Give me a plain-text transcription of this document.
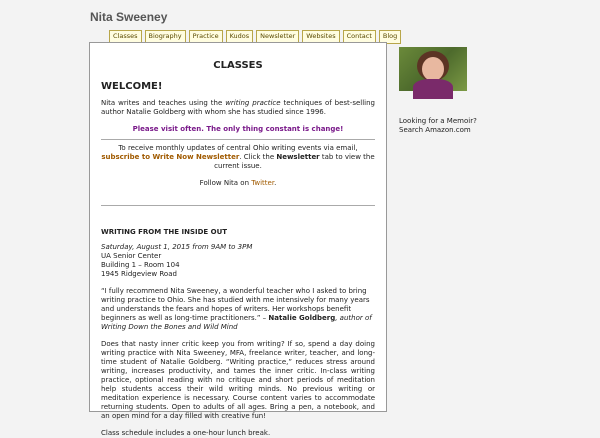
Nita Sweeney
Classes	Biography	Practice	Kudos	Newsletter	Websites	Contact	Blog
CLASSES
WELCOME!

Nita writes and teaches using the writing practice techniques of best-selling author Natalie Goldberg with whom she has studied since 1996.

Please visit often. The only thing constant is change!

To receive monthly updates of central Ohio writing events via email, subscribe to Write Now Newsletter. Click the Newsletter tab to view the current issue.

Follow Nita on Twitter.

WRITING FROM THE INSIDE OUT
Saturday, August 1, 2015 from 9AM to 3PM
UA Senior Center
Building 1 – Room 104
1945 Ridgeview Road

“I fully recommend Nita Sweeney, a wonderful teacher who I asked to bring writing practice to Ohio. She has studied with me intensively for many years and understands the fears and hopes of writers. Her workshops benefit beginners as well as long-time practitioners.” – Natalie Goldberg, author of Writing Down the Bones and Wild Mind

Does that nasty inner critic keep you from writing? If so, spend a day doing writing practice with Nita Sweeney, MFA, freelance writer, teacher, and long-time student of Natalie Goldberg. “Writing practice,” reduces stress around writing, increases productivity, and tames the inner critic. In-class writing practice, optional reading with no critique and short periods of meditation help students access their wild writing minds. No previous writing or meditation experience is necessary. Course content varies to accommodate returning students. Open to adults of all ages. Bring a pen, a notebook, and an open mind for a day filled with creative fun!

Class schedule includes a one-hour lunch break.

Looking for a Memoir?
Search Amazon.com
